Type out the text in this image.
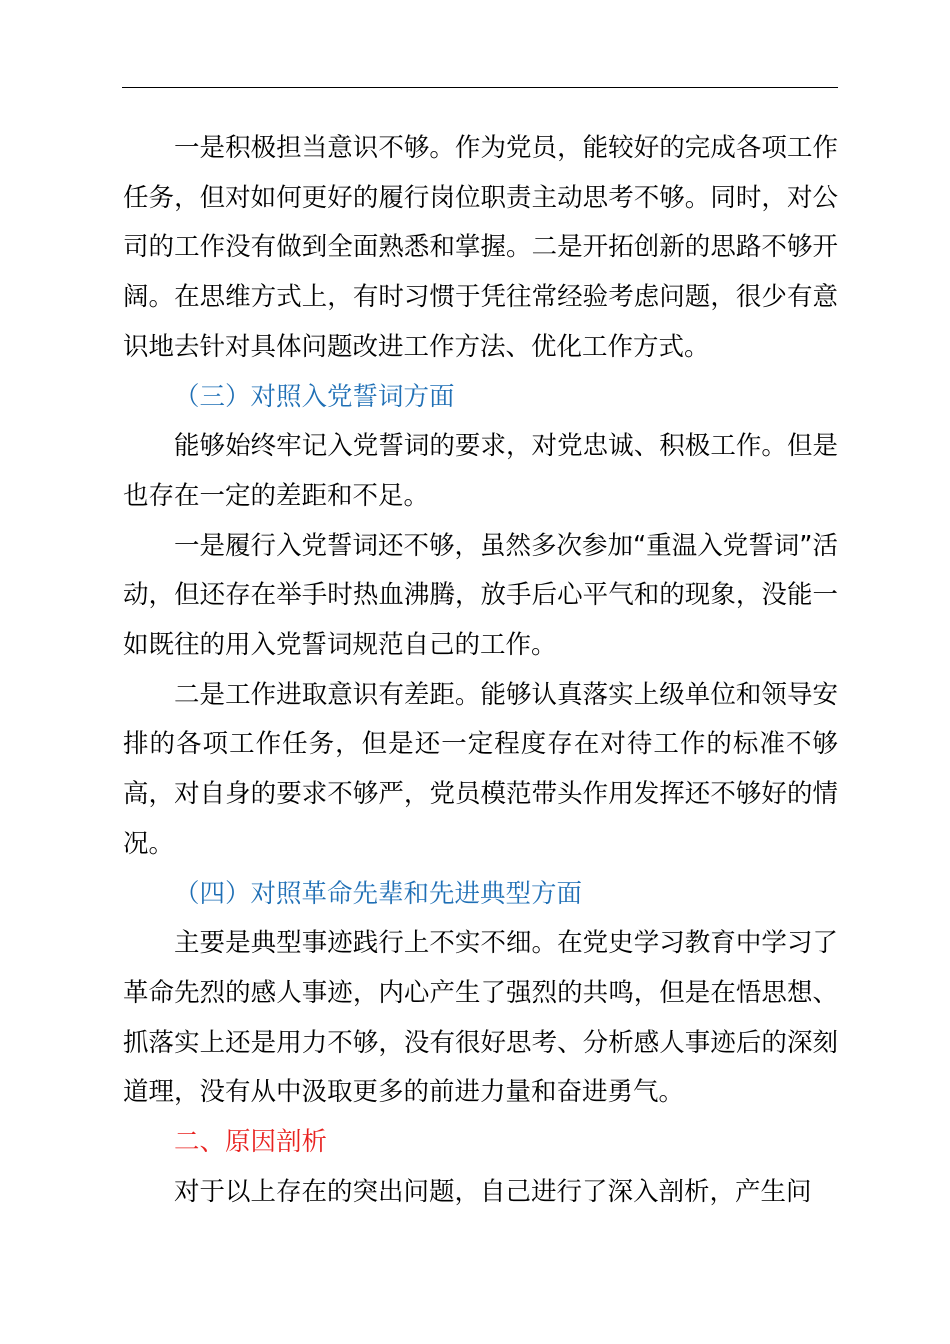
一是积极担当意识不够。作为党员，能较好的完成各项工作任务，但对如何更好的履行岗位职责主动思考不够。同时，对公司的工作没有做到全面熟悉和掌握。二是开拓创新的思路不够开阔。在思维方式上，有时习惯于凭往常经验考虑问题，很少有意识地去针对具体问题改进工作方法、优化工作方式。

（三）对照入党誓词方面

能够始终牢记入党誓词的要求，对党忠诚、积极工作。但是也存在一定的差距和不足。

一是履行入党誓词还不够，虽然多次参加“重温入党誓词”活动，但还存在举手时热血沸腾，放手后心平气和的现象，没能一如既往的用入党誓词规范自己的工作。

二是工作进取意识有差距。能够认真落实上级单位和领导安排的各项工作任务，但是还一定程度存在对待工作的标准不够高，对自身的要求不够严，党员模范带头作用发挥还不够好的情况。

（四）对照革命先辈和先进典型方面

主要是典型事迹践行上不实不细。在党史学习教育中学习了革命先烈的感人事迹，内心产生了强烈的共鸣，但是在悟思想、抓落实上还是用力不够，没有很好思考、分析感人事迹后的深刻道理，没有从中汲取更多的前进力量和奋进勇气。

二、原因剖析

对于以上存在的突出问题，自己进行了深入剖析，产生问
